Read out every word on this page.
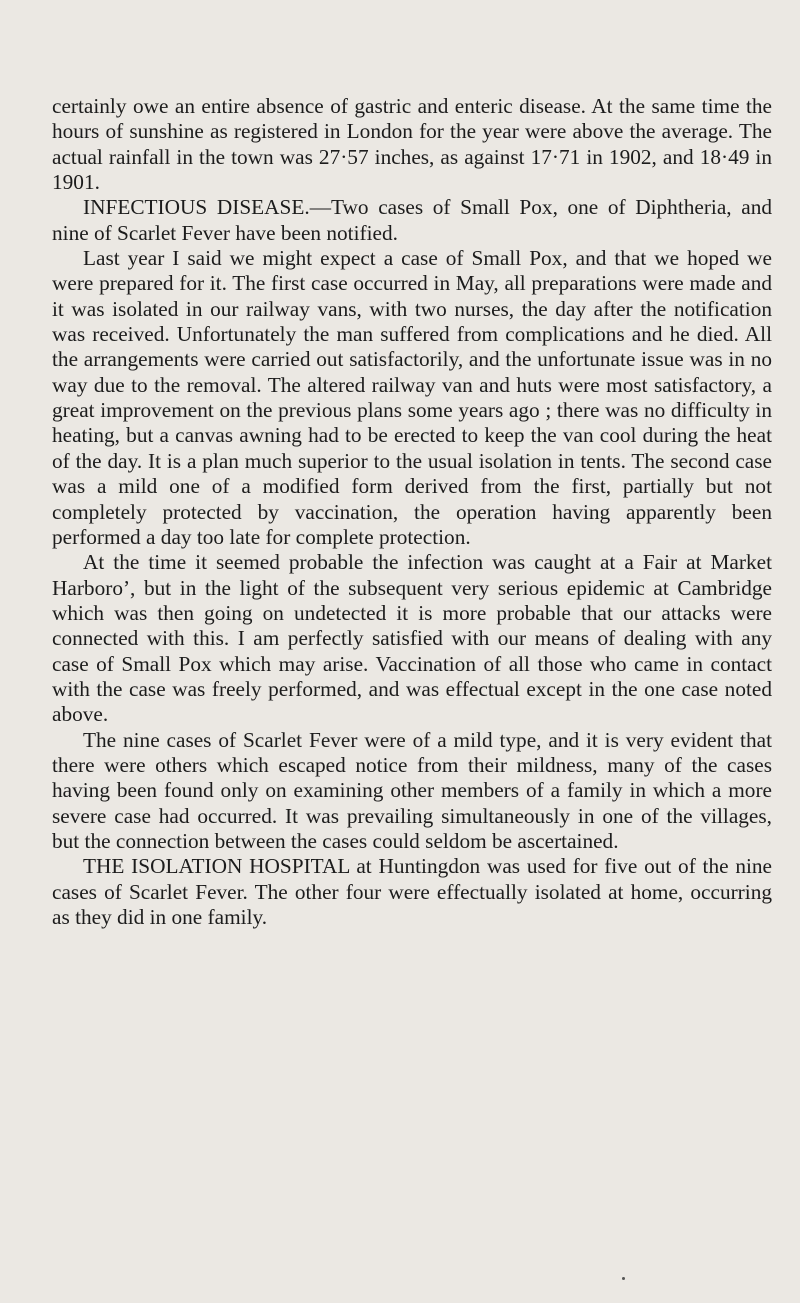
certainly owe an entire absence of gastric and enteric disease. At the same time the hours of sunshine as registered in London for the year were above the average. The actual rainfall in the town was 27·57 inches, as against 17·71 in 1902, and 18·49 in 1901.

INFECTIOUS DISEASE.—Two cases of Small Pox, one of Diphtheria, and nine of Scarlet Fever have been notified.

Last year I said we might expect a case of Small Pox, and that we hoped we were prepared for it. The first case occurred in May, all preparations were made and it was isolated in our railway vans, with two nurses, the day after the notification was received. Unfortunately the man suffered from complications and he died. All the arrangements were carried out satisfactorily, and the unfortunate issue was in no way due to the removal. The altered railway van and huts were most satisfactory, a great improvement on the previous plans some years ago ; there was no difficulty in heating, but a canvas awning had to be erected to keep the van cool during the heat of the day. It is a plan much superior to the usual isolation in tents. The second case was a mild one of a modified form derived from the first, partially but not completely protected by vaccination, the operation having apparently been performed a day too late for complete protection.

At the time it seemed probable the infection was caught at a Fair at Market Harboro’, but in the light of the subsequent very serious epidemic at Cambridge which was then going on undetected it is more probable that our attacks were connected with this. I am perfectly satisfied with our means of dealing with any case of Small Pox which may arise. Vaccination of all those who came in contact with the case was freely performed, and was effectual except in the one case noted above.

The nine cases of Scarlet Fever were of a mild type, and it is very evident that there were others which escaped notice from their mildness, many of the cases having been found only on examining other members of a family in which a more severe case had occurred. It was prevailing simultaneously in one of the villages, but the connection between the cases could seldom be ascertained.

THE ISOLATION HOSPITAL at Huntingdon was used for five out of the nine cases of Scarlet Fever. The other four were effectually isolated at home, occurring as they did in one family.
